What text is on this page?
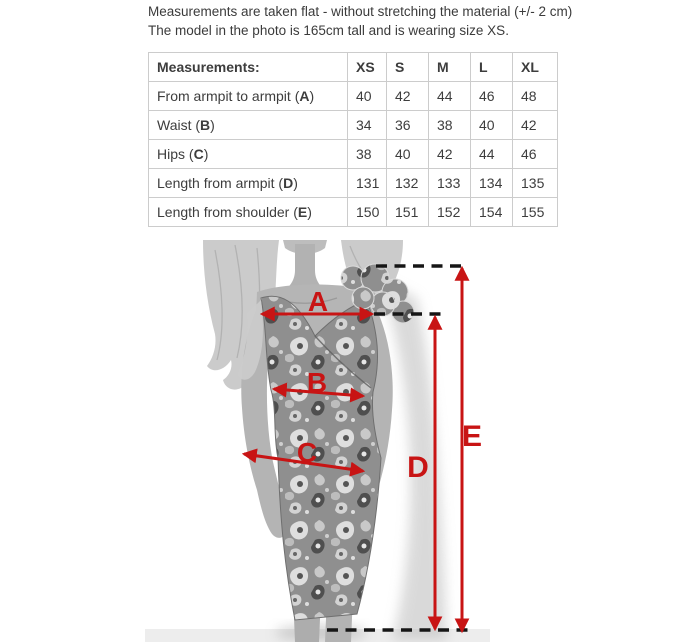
Measurements are taken flat - without stretching the material (+/- 2 cm)
The model in the photo is 165cm tall and is wearing size XS.
Measurements:	XS	S	M	L	XL
From armpit to armpit (A)	40	42	44	46	48
Waist (B)	34	36	38	40	42
Hips (C)	38	40	42	44	46
Length from armpit (D)	131	132	133	134	135
Length from shoulder (E)	150	151	152	154	155
A
B
C	D
E
